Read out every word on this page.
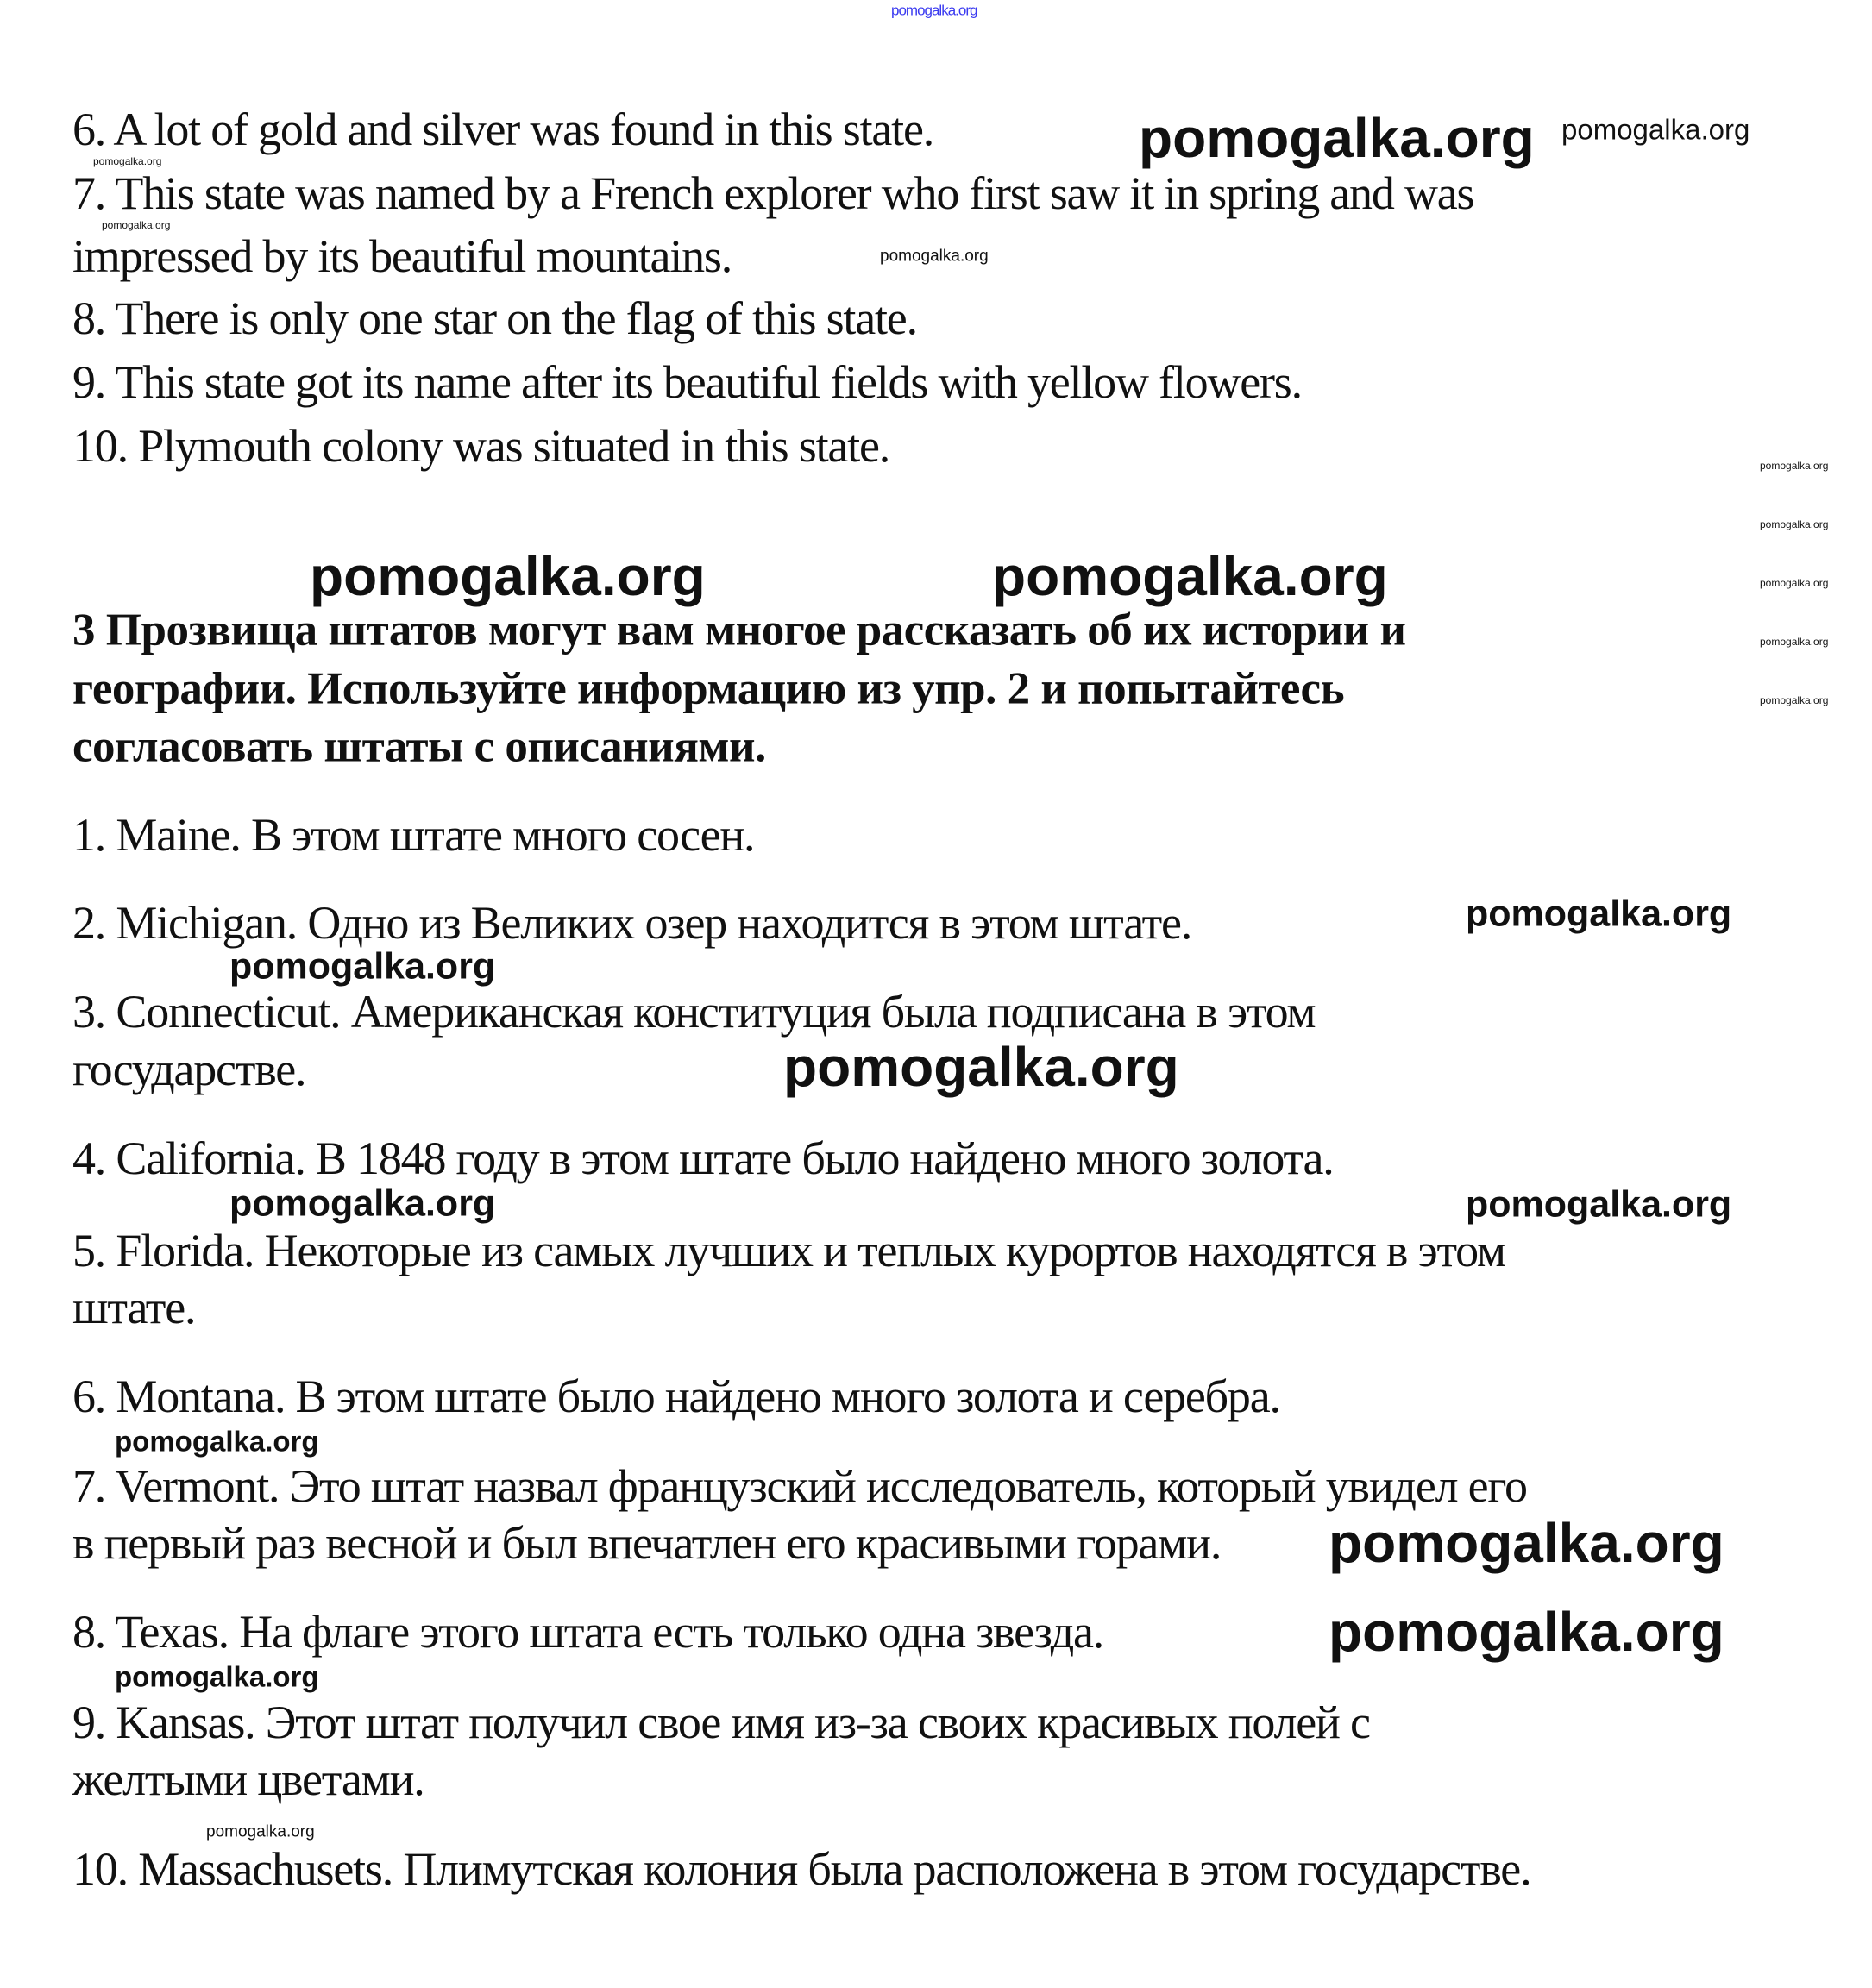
pomogalka.org
6. A lot of gold and silver was found in this state.
7. This state was named by a French explorer who first saw it in spring and was
impressed by its beautiful mountains.
8. There is only one star on the flag of this state.
9. This state got its name after its beautiful fields with yellow flowers.
10. Plymouth colony was situated in this state.
3 Прозвища штатов могут вам многое рассказать об их истории и
географии. Используйте информацию из упр. 2 и попытайтесь
согласовать штаты с описаниями.
1. Maine. В этом штате много сосен.
2. Michigan. Одно из Великих озер находится в этом штате.
3. Connecticut. Американская конституция была подписана в этом
государстве.
4. California. В 1848 году в этом штате было найдено много золота.
5. Florida. Некоторые из самых лучших и теплых курортов находятся в этом
штате.
6. Montana. В этом штате было найдено много золота и серебра.
7. Vermont. Это штат назвал французский исследователь, который увидел его
в первый раз весной и был впечатлен его красивыми горами.
8. Texas. На флаге этого штата есть только одна звезда.
9. Kansas. Этот штат получил свое имя из-за своих красивых полей с
желтыми цветами.
10. Massachusets. Плимутская колония была расположена в этом государстве.
pomogalka.org
pomogalka.org
pomogalka.org
pomogalka.org
pomogalka.org
pomogalka.org
pomogalka.org
pomogalka.org
pomogalka.org
pomogalka.org
pomogalka.org	pomogalka.org
pomogalka.org
pomogalka.org
pomogalka.org
pomogalka.org	pomogalka.org
pomogalka.org
pomogalka.org
pomogalka.org
pomogalka.org
pomogalka.org
